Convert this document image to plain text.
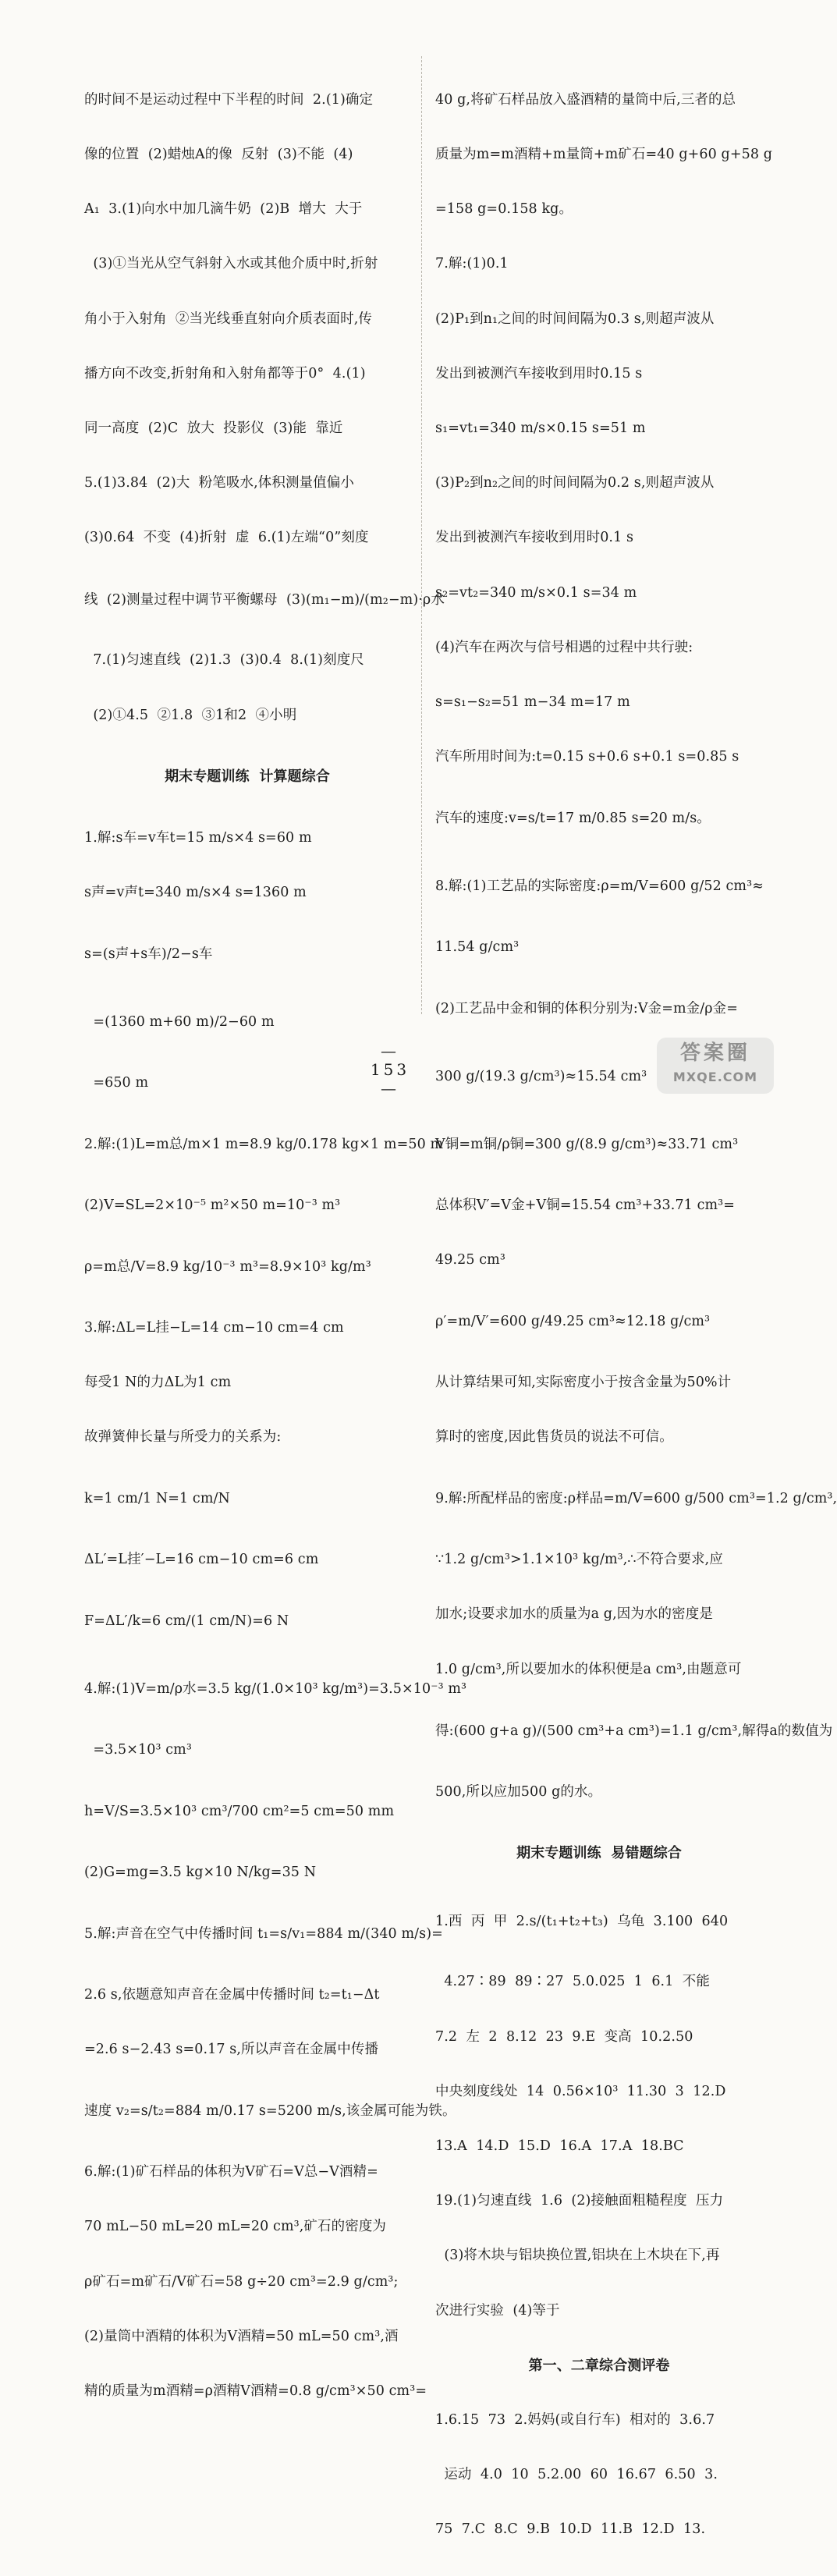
的时间不是运动过程中下半程的时间  2.(1)确定

像的位置  (2)蜡烛A的像  反射  (3)不能  (4)

A₁  3.(1)向水中加几滴牛奶  (2)B  增大  大于

(3)①当光从空气斜射入水或其他介质中时,折射

角小于入射角  ②当光线垂直射向介质表面时,传

播方向不改变,折射角和入射角都等于0°  4.(1)

同一高度  (2)C  放大  投影仪  (3)能  靠近

5.(1)3.84  (2)大  粉笔吸水,体积测量值偏小

(3)0.64  不变  (4)折射  虚  6.(1)左端“0”刻度

线  (2)测量过程中调节平衡螺母  (3)(m₁−m)/(m₂−m)·ρ水

7.(1)匀速直线  (2)1.3  (3)0.4  8.(1)刻度尺

(2)①4.5  ②1.8  ③1和2  ④小明

期末专题训练  计算题综合

1.解:s车=v车t=15 m/s×4 s=60 m

s声=v声t=340 m/s×4 s=1360 m

s=(s声+s车)/2−s车

=(1360 m+60 m)/2−60 m

=650 m

2.解:(1)L=m总/m×1 m=8.9 kg/0.178 kg×1 m=50 m

(2)V=SL=2×10⁻⁵ m²×50 m=10⁻³ m³

ρ=m总/V=8.9 kg/10⁻³ m³=8.9×10³ kg/m³

3.解:ΔL=L挂−L=14 cm−10 cm=4 cm

每受1 N的力ΔL为1 cm

故弹簧伸长量与所受力的关系为:

k=1 cm/1 N=1 cm/N

ΔL′=L挂′−L=16 cm−10 cm=6 cm

F=ΔL′/k=6 cm/(1 cm/N)=6 N

4.解:(1)V=m/ρ水=3.5 kg/(1.0×10³ kg/m³)=3.5×10⁻³ m³

=3.5×10³ cm³

h=V/S=3.5×10³ cm³/700 cm²=5 cm=50 mm

(2)G=mg=3.5 kg×10 N/kg=35 N

5.解:声音在空气中传播时间 t₁=s/v₁=884 m/(340 m/s)=

2.6 s,依题意知声音在金属中传播时间 t₂=t₁−Δt

=2.6 s−2.43 s=0.17 s,所以声音在金属中传播

速度 v₂=s/t₂=884 m/0.17 s=5200 m/s,该金属可能为铁。

6.解:(1)矿石样品的体积为V矿石=V总−V酒精=

70 mL−50 mL=20 mL=20 cm³,矿石的密度为

ρ矿石=m矿石/V矿石=58 g÷20 cm³=2.9 g/cm³;

(2)量筒中酒精的体积为V酒精=50 mL=50 cm³,酒

精的质量为m酒精=ρ酒精V酒精=0.8 g/cm³×50 cm³=

40 g,将矿石样品放入盛酒精的量筒中后,三者的总

质量为m=m酒精+m量筒+m矿石=40 g+60 g+58 g

=158 g=0.158 kg。

7.解:(1)0.1

(2)P₁到n₁之间的时间间隔为0.3 s,则超声波从

发出到被测汽车接收到用时0.15 s

s₁=vt₁=340 m/s×0.15 s=51 m

(3)P₂到n₂之间的时间间隔为0.2 s,则超声波从

发出到被测汽车接收到用时0.1 s

s₂=vt₂=340 m/s×0.1 s=34 m

(4)汽车在两次与信号相遇的过程中共行驶:

s=s₁−s₂=51 m−34 m=17 m

汽车所用时间为:t=0.15 s+0.6 s+0.1 s=0.85 s

汽车的速度:v=s/t=17 m/0.85 s=20 m/s。

8.解:(1)工艺品的实际密度:ρ=m/V=600 g/52 cm³≈

11.54 g/cm³

(2)工艺品中金和铜的体积分别为:V金=m金/ρ金=

300 g/(19.3 g/cm³)≈15.54 cm³

V铜=m铜/ρ铜=300 g/(8.9 g/cm³)≈33.71 cm³

总体积V′=V金+V铜=15.54 cm³+33.71 cm³=

49.25 cm³

ρ′=m/V′=600 g/49.25 cm³≈12.18 g/cm³

从计算结果可知,实际密度小于按含金量为50%计

算时的密度,因此售货员的说法不可信。

9.解:所配样品的密度:ρ样品=m/V=600 g/500 cm³=1.2 g/cm³,

∵1.2 g/cm³>1.1×10³ kg/m³,∴不符合要求,应

加水;设要求加水的质量为a g,因为水的密度是

1.0 g/cm³,所以要加水的体积便是a cm³,由题意可

得:(600 g+a g)/(500 cm³+a cm³)=1.1 g/cm³,解得a的数值为

500,所以应加500 g的水。

期末专题训练  易错题综合

1.西  丙  甲  2.s/(t₁+t₂+t₃)  乌龟  3.100  640

4.27∶89  89∶27  5.0.025  1  6.1  不能

7.2  左  2  8.12  23  9.E  变高  10.2.50

中央刻度线处  14  0.56×10³  11.30  3  12.D

13.A  14.D  15.D  16.A  17.A  18.BC

19.(1)匀速直线  1.6  (2)接触面粗糙程度  压力

(3)将木块与铝块换位置,铝块在上木块在下,再

次进行实验  (4)等于

第一、二章综合测评卷

1.6.15  73  2.妈妈(或自行车)  相对的  3.6.7

运动  4.0  10  5.2.00  60  16.67  6.50  3.

75  7.C  8.C  9.B  10.D  11.B  12.D  13.

— 153 —
答案圈
MXQE.COM
